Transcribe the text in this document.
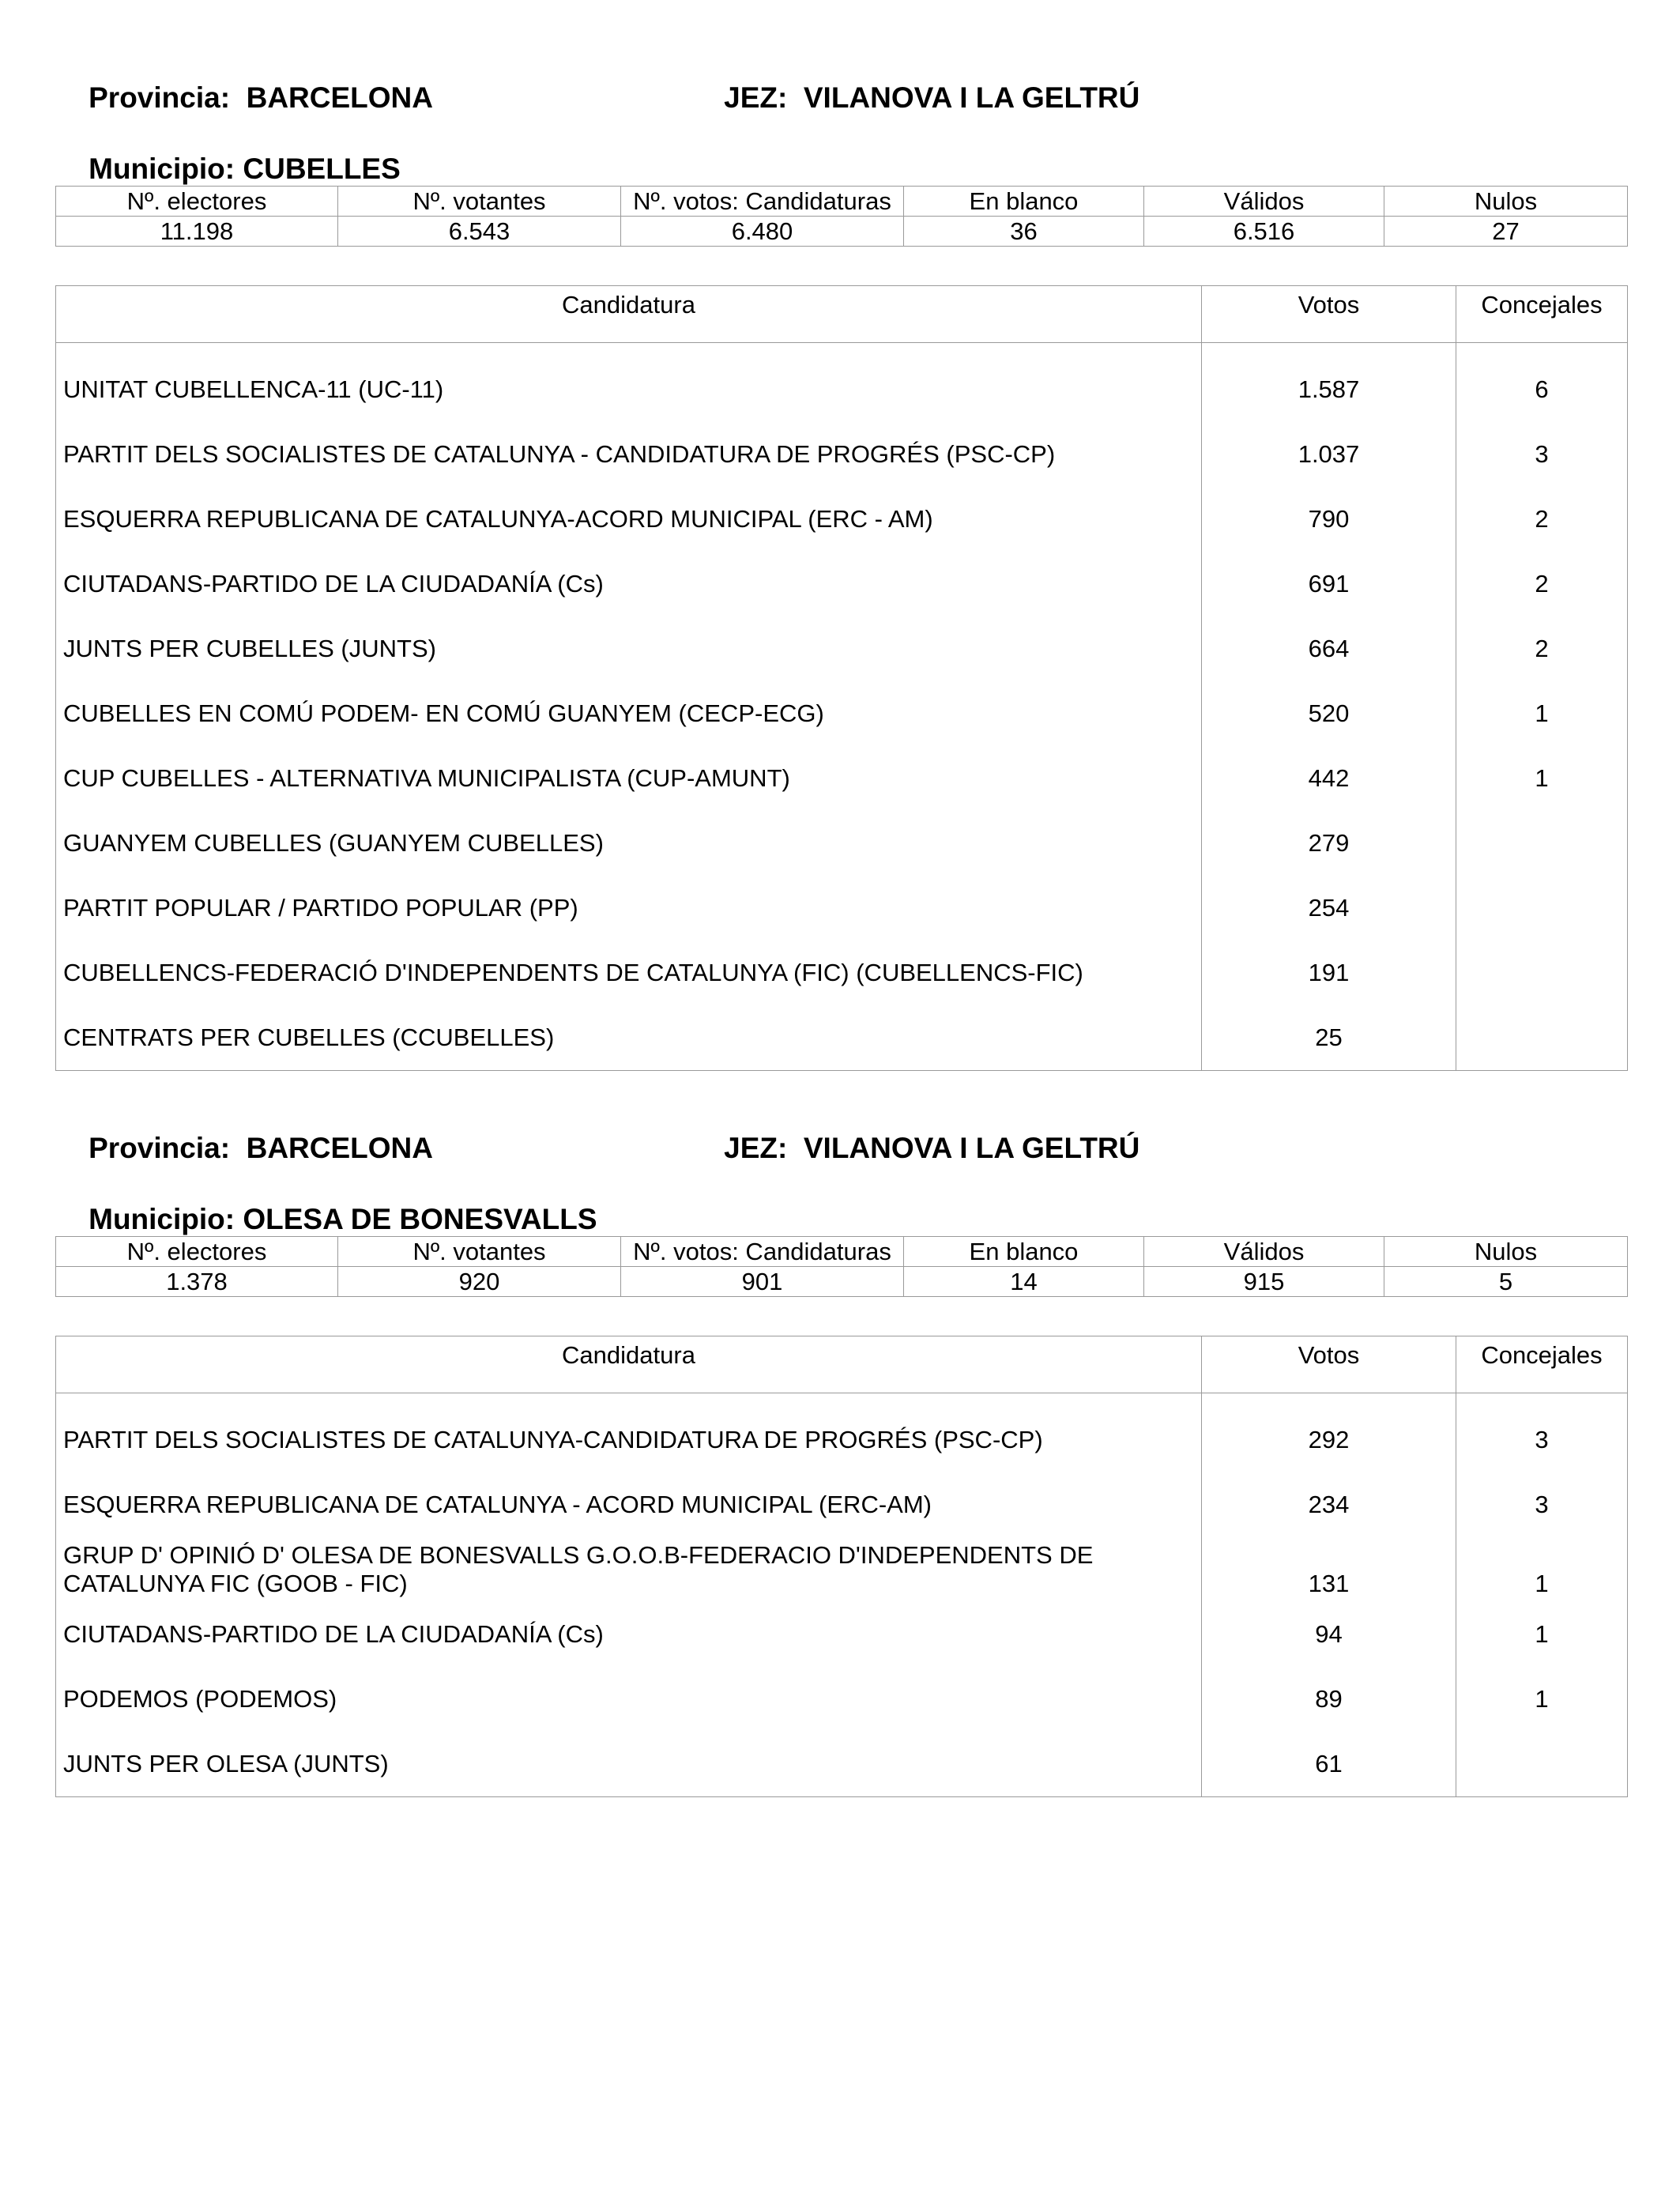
Provincia: BARCELONA
	JEZ: VILANOVA I LA GELTRÚ

Municipio: CUBELLES

Nº. electores	Nº. votantes	Nº. votos: Candidaturas	En blanco	Válidos	Nulos
11.198	6.543	6.480	36	6.516	27
Candidatura	Votos	Concejales

UNITAT CUBELLENCA-11 (UC-11)	1.587	6
PARTIT DELS SOCIALISTES DE CATALUNYA - CANDIDATURA DE PROGRÉS (PSC-CP)	1.037	3
ESQUERRA REPUBLICANA DE CATALUNYA-ACORD MUNICIPAL (ERC - AM)	790	2
CIUTADANS-PARTIDO DE LA CIUDADANÍA (Cs)	691	2
JUNTS PER CUBELLES (JUNTS)	664	2
CUBELLES EN COMÚ PODEM- EN COMÚ GUANYEM (CECP-ECG)	520	1
CUP CUBELLES - ALTERNATIVA MUNICIPALISTA (CUP-AMUNT)	442	1
GUANYEM CUBELLES (GUANYEM CUBELLES)	279	
PARTIT POPULAR / PARTIDO POPULAR (PP)	254	
CUBELLENCS-FEDERACIÓ D'INDEPENDENTS DE CATALUNYA (FIC) (CUBELLENCS-FIC)	191	
CENTRATS PER CUBELLES (CCUBELLES)	25	

Provincia: BARCELONA
	JEZ: VILANOVA I LA GELTRÚ

Municipio: OLESA DE BONESVALLS

Nº. electores	Nº. votantes	Nº. votos: Candidaturas	En blanco	Válidos	Nulos
1.378	920	901	14	915	5
Candidatura	Votos	Concejales

PARTIT DELS SOCIALISTES DE CATALUNYA-CANDIDATURA DE PROGRÉS (PSC-CP)	292	3
ESQUERRA REPUBLICANA DE CATALUNYA - ACORD MUNICIPAL (ERC-AM)	234	3
GRUP D' OPINIÓ D' OLESA DE BONESVALLS G.O.O.B-FEDERACIO D'INDEPENDENTS DE CATALUNYA FIC (GOOB - FIC)	131	1
CIUTADANS-PARTIDO DE LA CIUDADANÍA (Cs)	94	1
PODEMOS (PODEMOS)	89	1
JUNTS PER OLESA (JUNTS)	61	
